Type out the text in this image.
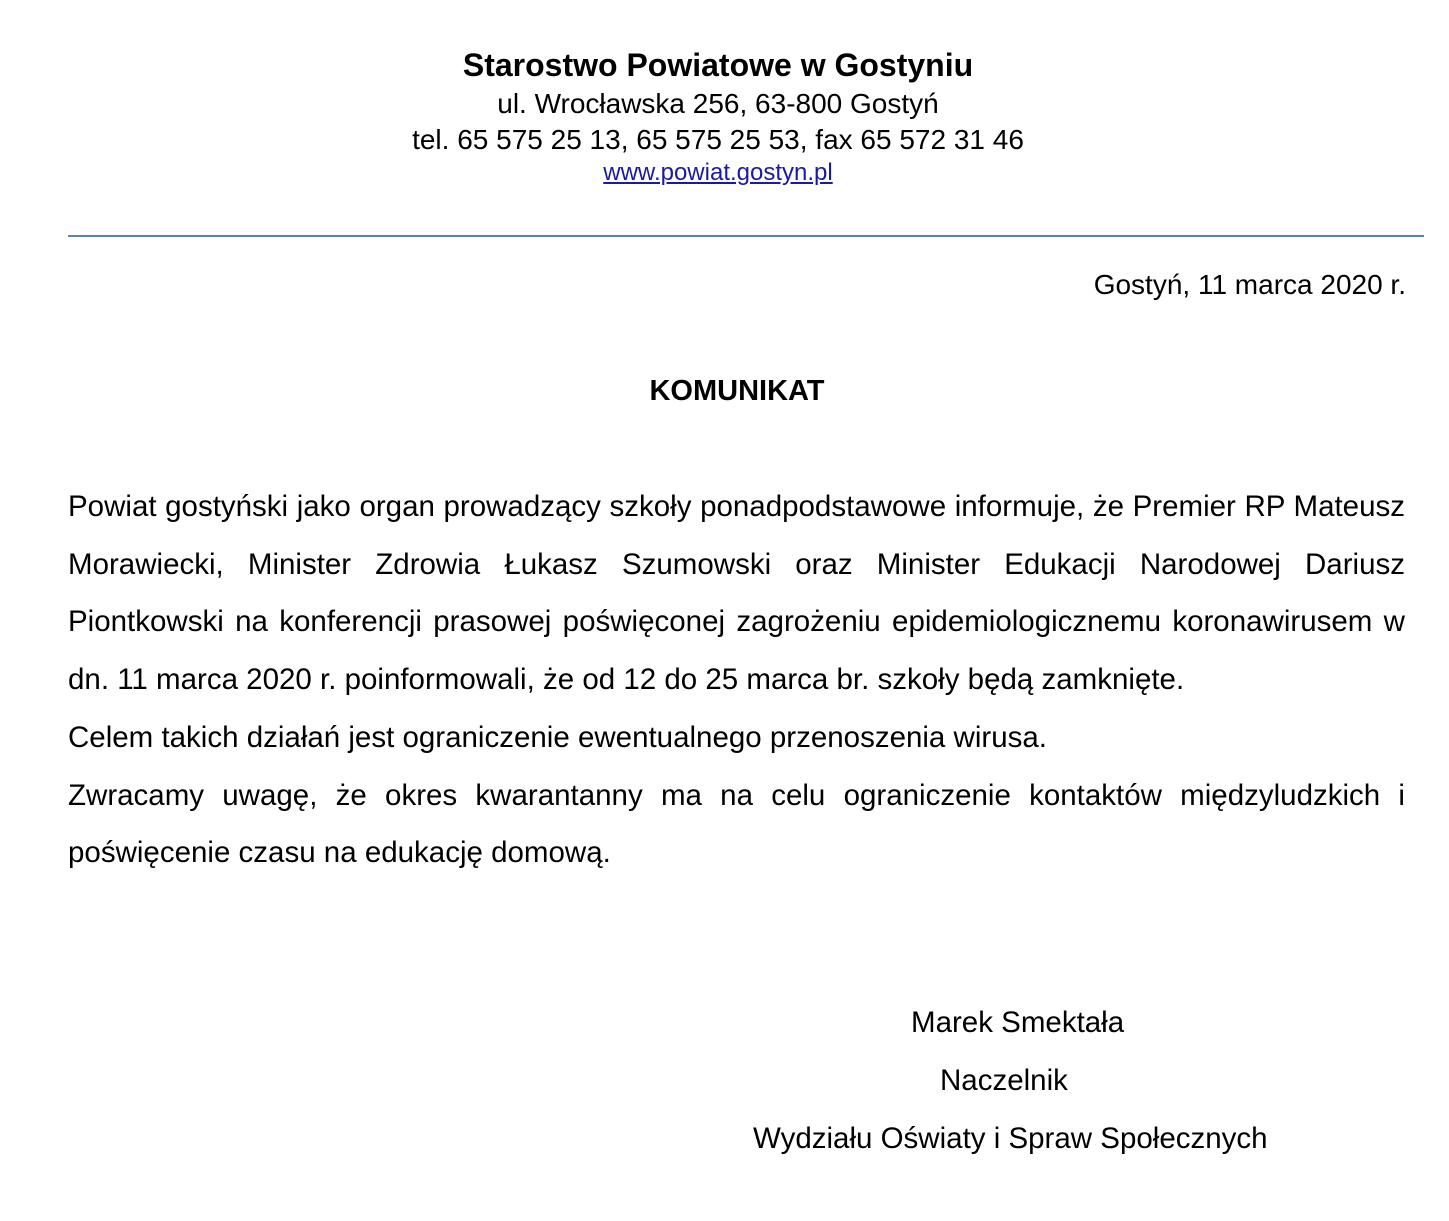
Starostwo Powiatowe w Gostyniu
ul. Wrocławska 256, 63-800 Gostyń
tel. 65 575 25 13, 65 575 25 53, fax 65 572 31 46
www.powiat.gostyn.pl
Gostyń, 11 marca 2020 r.
KOMUNIKAT

Powiat gostyński jako organ prowadzący szkoły ponadpodstawowe informuje, że Premier RP Mateusz Morawiecki, Minister Zdrowia Łukasz Szumowski oraz Minister Edukacji Narodowej Dariusz Piontkowski na konferencji prasowej poświęconej zagrożeniu epidemiologicznemu koronawirusem w dn. 11 marca 2020 r. poinformowali, że od 12 do 25 marca br. szkoły będą zamknięte.

Celem takich działań jest ograniczenie ewentualnego przenoszenia wirusa.

Zwracamy uwagę, że okres kwarantanny ma na celu ograniczenie kontaktów międzyludzkich i poświęcenie czasu na edukację domową.

Marek Smektała
Naczelnik
Wydziału Oświaty i Spraw Społecznych
